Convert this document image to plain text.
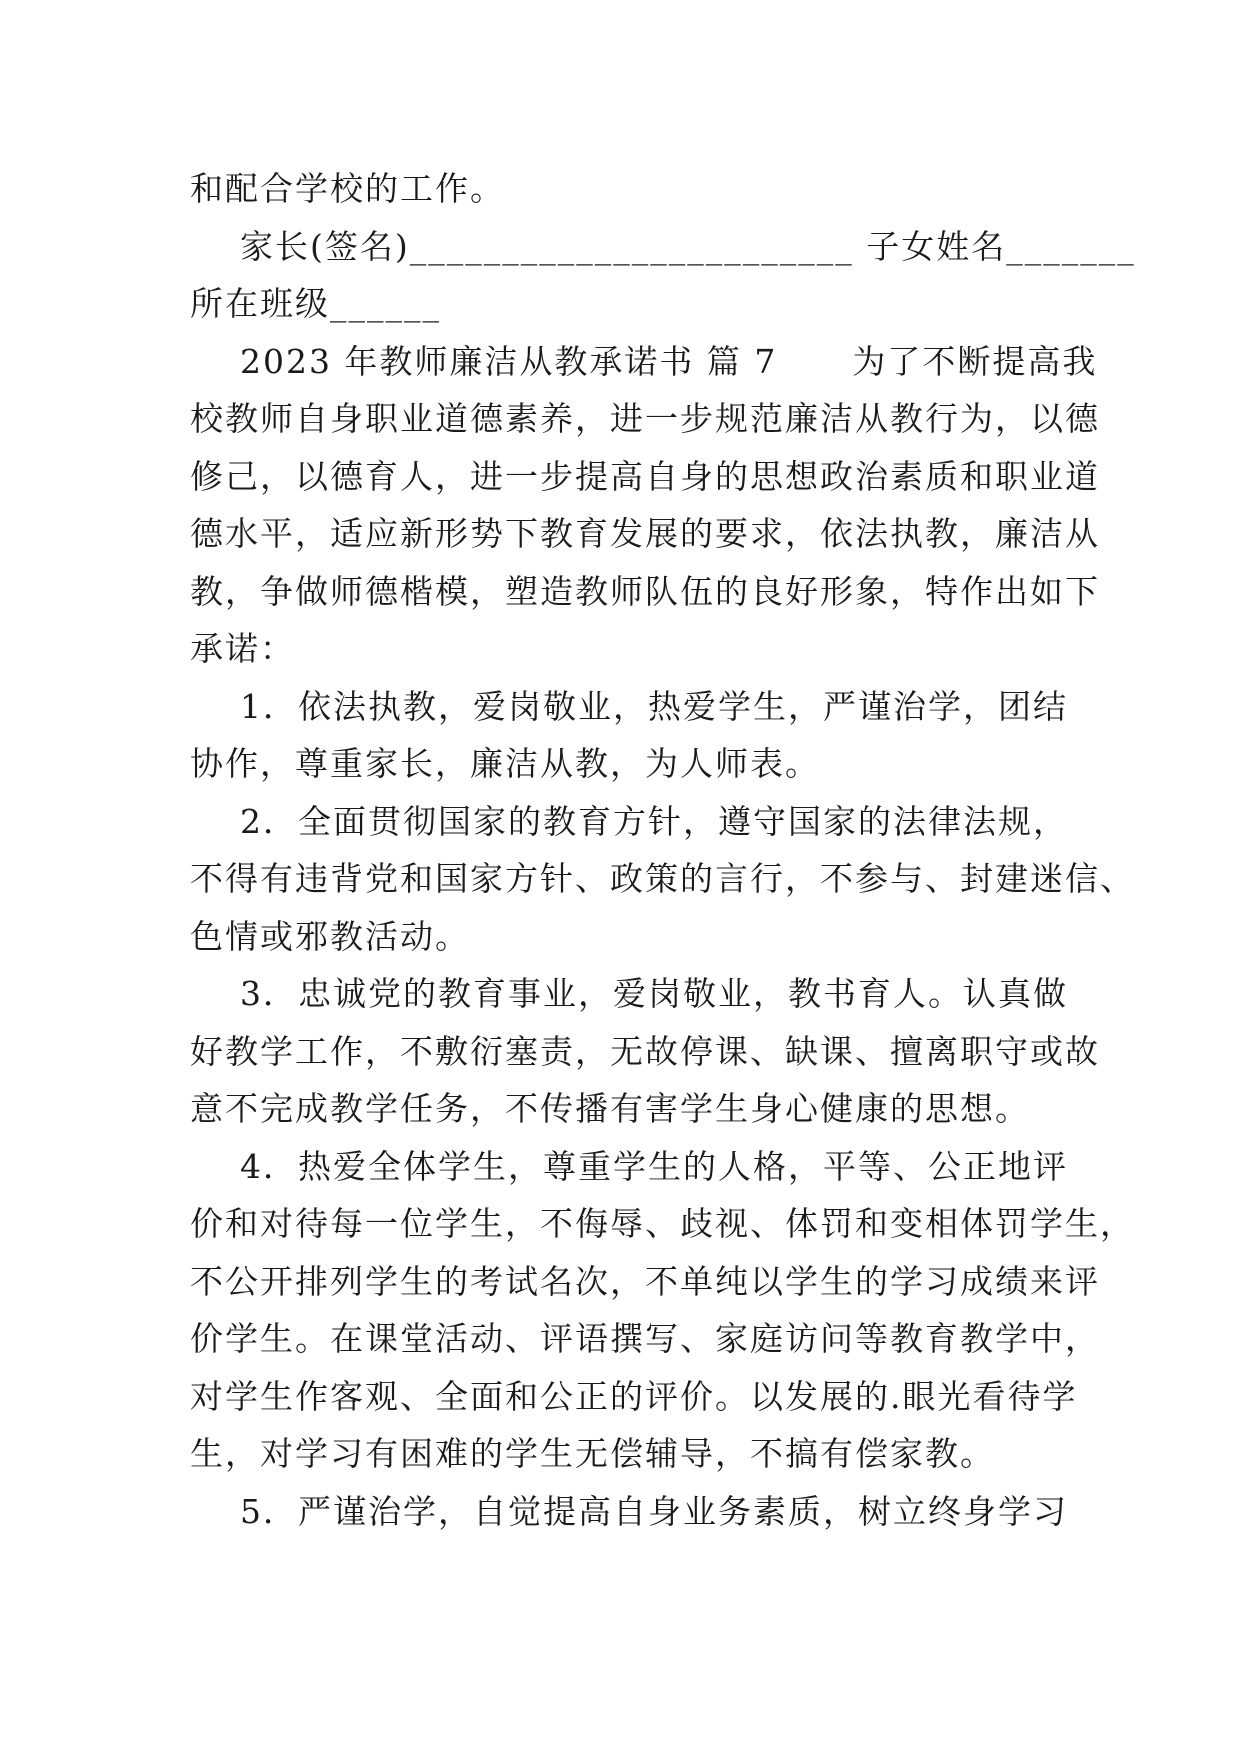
和配合学校的工作。
家长(签名)________________________ 子女姓名_______
所在班级______
2023 年教师廉洁从教承诺书 篇 7      为了不断提高我
校教师自身职业道德素养，进一步规范廉洁从教行为，以德
修己，以德育人，进一步提高自身的思想政治素质和职业道
德水平，适应新形势下教育发展的要求，依法执教，廉洁从
教，争做师德楷模，塑造教师队伍的良好形象，特作出如下
承诺：
1．依法执教，爱岗敬业，热爱学生，严谨治学，团结
协作，尊重家长，廉洁从教，为人师表。
2．全面贯彻国家的教育方针，遵守国家的法律法规，
不得有违背党和国家方针、政策的言行，不参与、封建迷信、
色情或邪教活动。
3．忠诚党的教育事业，爱岗敬业，教书育人。认真做
好教学工作，不敷衍塞责，无故停课、缺课、擅离职守或故
意不完成教学任务，不传播有害学生身心健康的思想。
4．热爱全体学生，尊重学生的人格，平等、公正地评
价和对待每一位学生，不侮辱、歧视、体罚和变相体罚学生，
不公开排列学生的考试名次，不单纯以学生的学习成绩来评
价学生。在课堂活动、评语撰写、家庭访问等教育教学中，
对学生作客观、全面和公正的评价。以发展的.眼光看待学
生，对学习有困难的学生无偿辅导，不搞有偿家教。
5．严谨治学，自觉提高自身业务素质，树立终身学习
